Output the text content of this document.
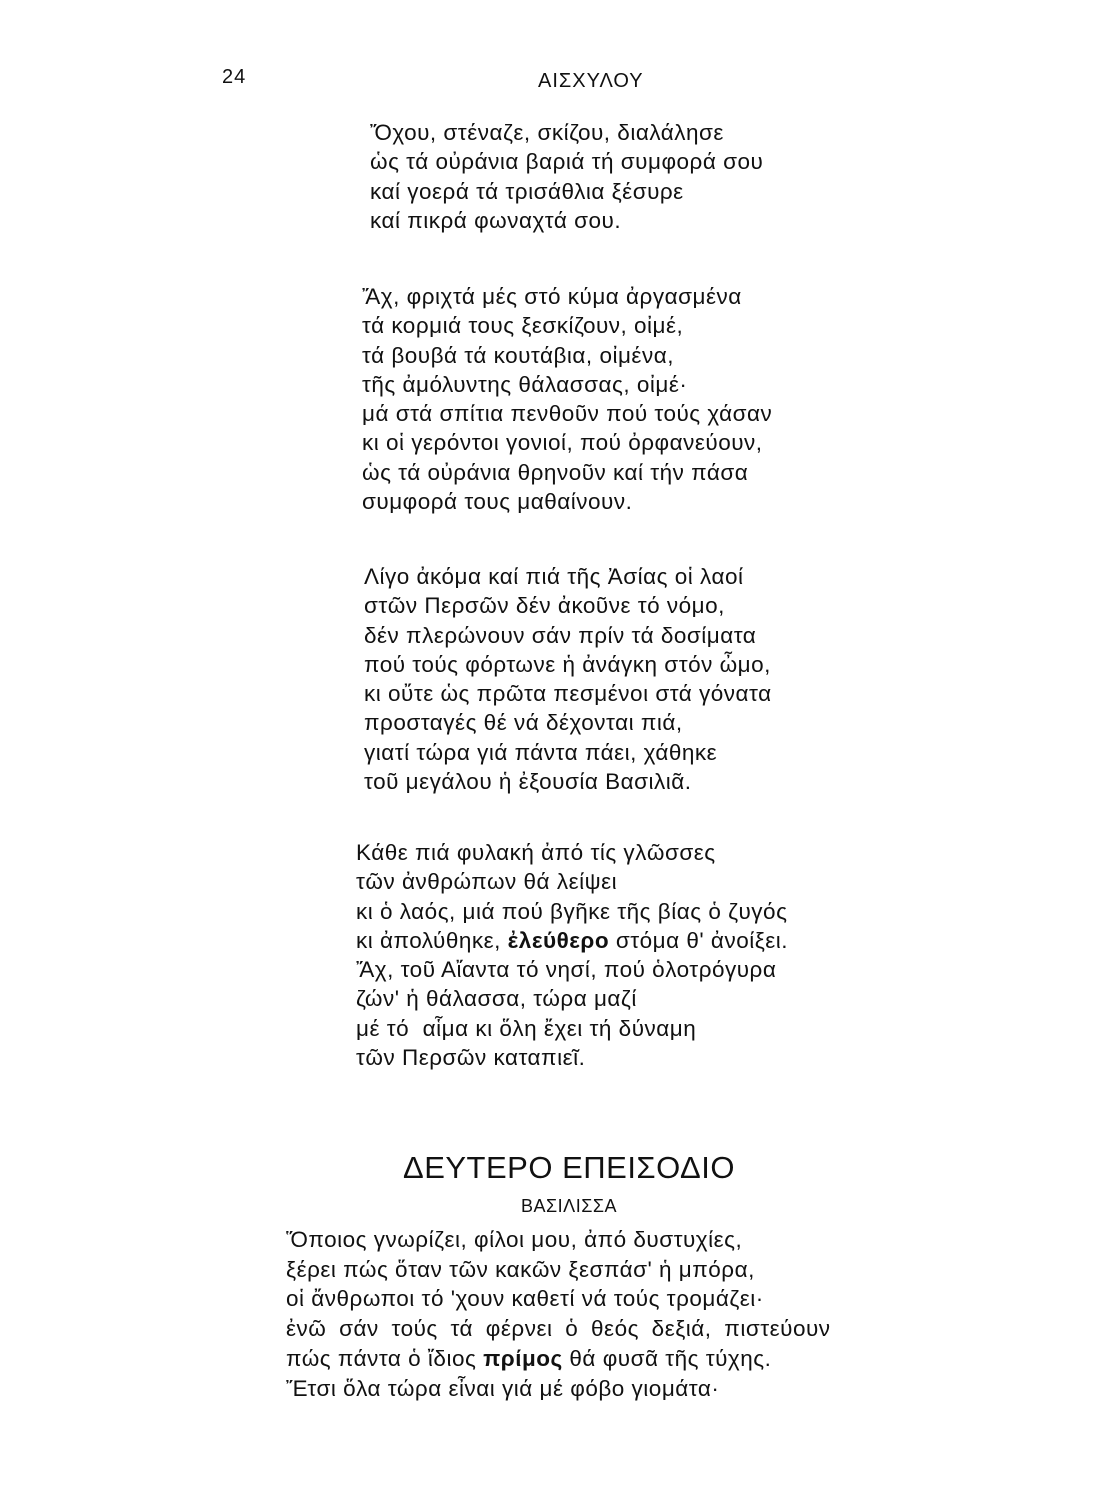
24	ΑΙΣΧΥΛΟΥ
Ὄχου, στέναζε, σκίζου, διαλάλησε
ὡς τά οὐράνια βαριά τή συμφορά σου
καί γοερά τά τρισάθλια ξέσυρε
καί πικρά φωναχτά σου.
Ἄχ, φριχτά μές στό κύμα ἀργασμένα
τά κορμιά τους ξεσκίζουν, οἰμέ,
τά βουβά τά κουτάβια, οἰμένα,
τῆς ἀμόλυντης θάλασσας, οἰμέ·
μά στά σπίτια πενθοῦν πού τούς χάσαν
κι οἱ γερόντοι γονιοί, πού ὀρφανεύουν,
ὡς τά οὐράνια θρηνοῦν καί τήν πάσα
συμφορά τους μαθαίνουν.
Λίγο ἀκόμα καί πιά τῆς Ἀσίας οἱ λαοί
στῶν Περσῶν δέν ἀκοῦνε τό νόμο,
δέν πλερώνουν σάν πρίν τά δοσίματα
πού τούς φόρτωνε ἡ ἀνάγκη στόν ὦμο,
κι οὔτε ὡς πρῶτα πεσμένοι στά γόνατα
προσταγές θέ νά δέχονται πιά,
γιατί τώρα γιά πάντα πάει, χάθηκε
τοῦ μεγάλου ἡ ἐξουσία Βασιλιᾶ.
Κάθε πιά φυλακή ἀπό τίς γλῶσσες
τῶν ἀνθρώπων θά λείψει
κι ὁ λαός, μιά πού βγῆκε τῆς βίας ὁ ζυγός
κι ἀπολύθηκε, ἐλεύθερο στόμα θ' ἀνοίξει.
Ἄχ, τοῦ Αἴαντα τό νησί, πού ὁλοτρόγυρα
ζών' ἡ θάλασσα, τώρα μαζί
μέ τό  αἷμα κι ὅλη ἔχει τή δύναμη
τῶν Περσῶν καταπιεῖ.
ΔΕΥΤΕΡΟ ΕΠΕΙΣΟΔΙΟ
ΒΑΣΙΛΙΣΣΑ
Ὅποιος γνωρίζει, φίλοι μου, ἀπό δυστυχίες,
ξέρει πώς ὅταν τῶν κακῶν ξεσπάσ' ἡ μπόρα,
οἱ ἄνθρωποι τό 'χουν καθετί νά τούς τρομάζει·
ἐνῶ σάν τούς τά φέρνει ὁ θεός δεξιά, πιστεύουν
πώς πάντα ὁ ἴδιος πρίμος θά φυσᾶ τῆς τύχης.
Ἔτσι ὅλα τώρα εἶναι γιά μέ φόβο γιομάτα·
